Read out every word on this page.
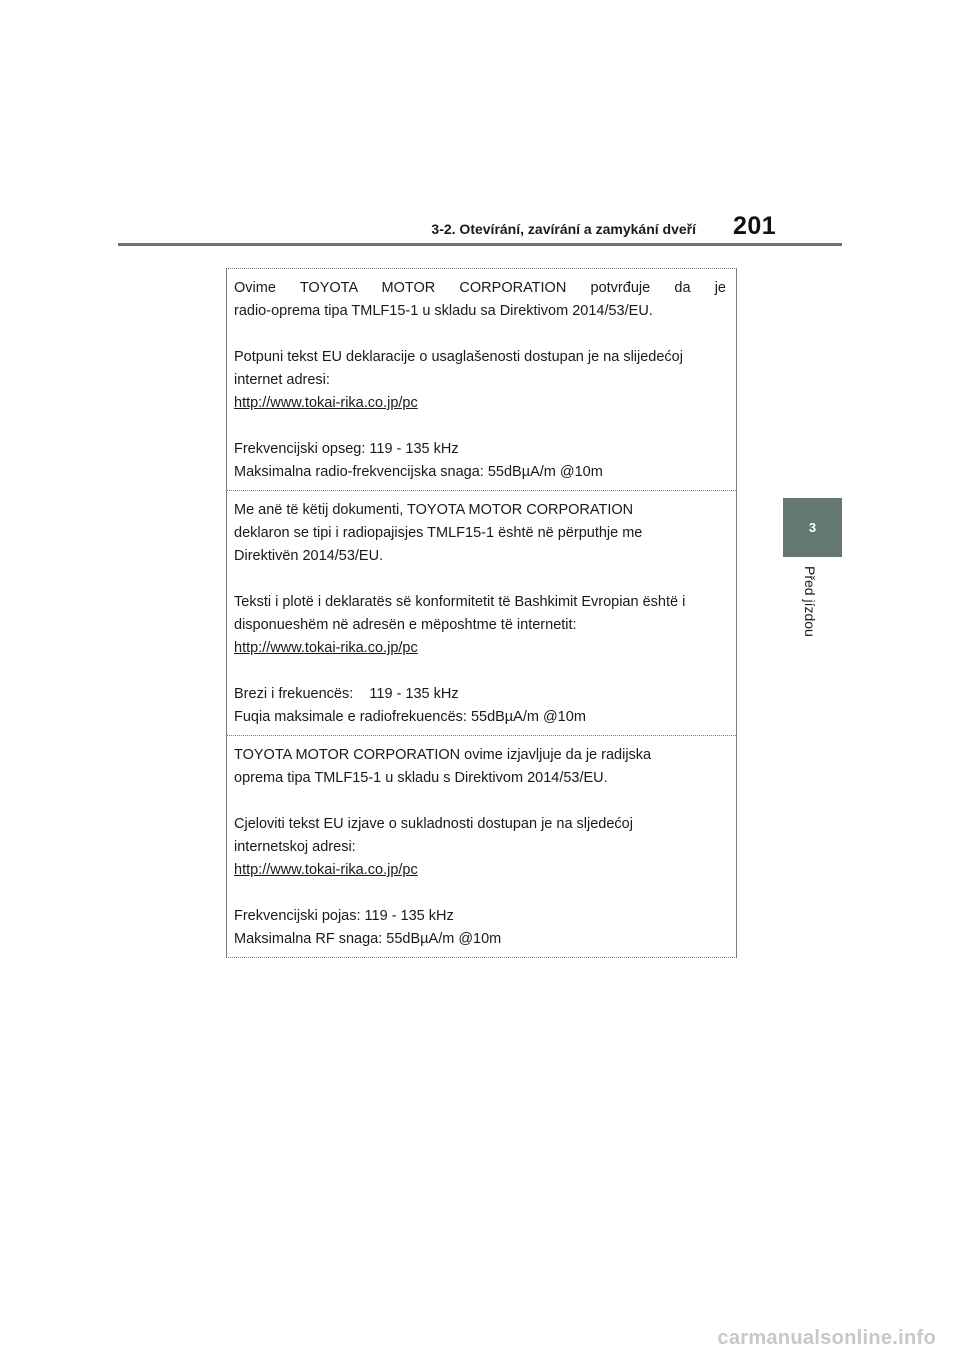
3-2. Otevírání, zavírání a zamykání dveří 201
3
Před jízdou

Ovime TOYOTA MOTOR CORPORATION potvrđuje da je

radio-oprema tipa TMLF15-1 u skladu sa Direktivom 2014/53/EU.

Potpuni tekst EU deklaracije o usaglašenosti dostupan je na slijedećoj

internet adresi:

http://www.tokai-rika.co.jp/pc

Frekvencijski opseg: 119 - 135 kHz

Maksimalna radio-frekvencijska snaga: 55dBµA/m @10m

Me anë të këtij dokumenti, TOYOTA MOTOR CORPORATION

deklaron se tipi i radiopajisjes TMLF15-1 është në përputhje me

Direktivën 2014/53/EU.

Teksti i plotë i deklaratës së konformitetit të Bashkimit Evropian është i

disponueshëm në adresën e mëposhtme të internetit:

http://www.tokai-rika.co.jp/pc

Brezi i frekuencës:    119 - 135 kHz

Fuqia maksimale e radiofrekuencës: 55dBµA/m @10m

TOYOTA MOTOR CORPORATION ovime izjavljuje da je radijska

oprema tipa TMLF15-1 u skladu s Direktivom 2014/53/EU.

Cjeloviti tekst EU izjave o sukladnosti dostupan je na sljedećoj

internetskoj adresi:

http://www.tokai-rika.co.jp/pc

Frekvencijski pojas: 119 - 135 kHz

Maksimalna RF snaga: 55dBµA/m @10m

carmanualsonline.info
